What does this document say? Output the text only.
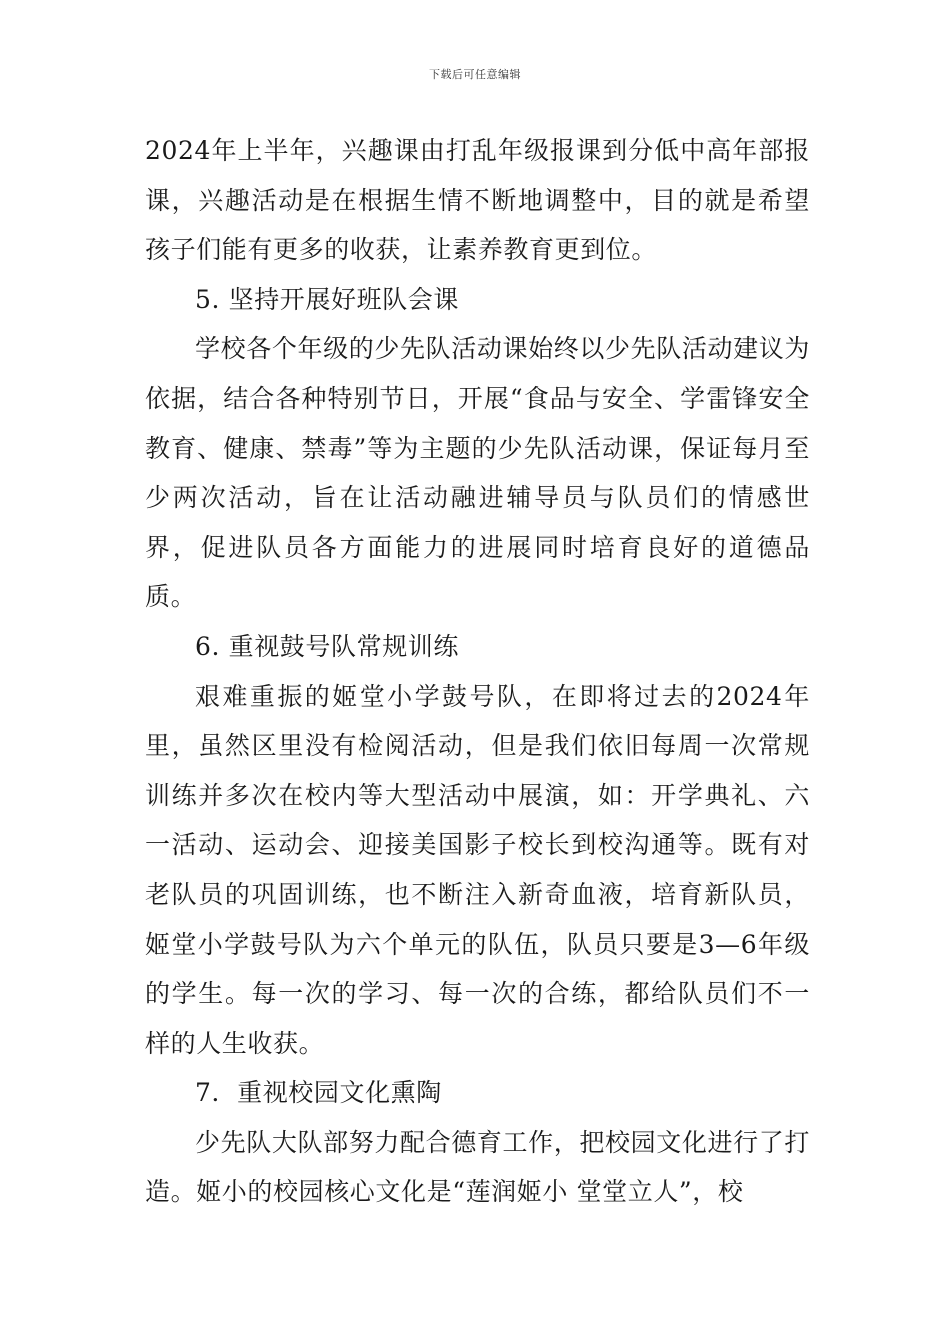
下载后可任意编辑

2024年上半年，兴趣课由打乱年级报课到分低中高年部报课，兴趣活动是在根据生情不断地调整中，目的就是希望孩子们能有更多的收获，让素养教育更到位。

5. 坚持开展好班队会课

学校各个年级的少先队活动课始终以少先队活动建议为依据，结合各种特别节日，开展“食品与安全、学雷锋安全教育、健康、禁毒”等为主题的少先队活动课，保证每月至少两次活动，旨在让活动融进辅导员与队员们的情感世界，促进队员各方面能力的进展同时培育良好的道德品质。

6. 重视鼓号队常规训练

艰难重振的姬堂小学鼓号队，在即将过去的2024年里，虽然区里没有检阅活动，但是我们依旧每周一次常规训练并多次在校内等大型活动中展演，如：开学典礼、六一活动、运动会、迎接美国影子校长到校沟通等。既有对老队员的巩固训练，也不断注入新奇血液，培育新队员，姬堂小学鼓号队为六个单元的队伍，队员只要是3—6年级的学生。每一次的学习、每一次的合练，都给队员们不一样的人生收获。

7．重视校园文化熏陶

少先队大队部努力配合德育工作，把校园文化进行了打造。姬小的校园核心文化是“莲润姬小 堂堂立人”，校
